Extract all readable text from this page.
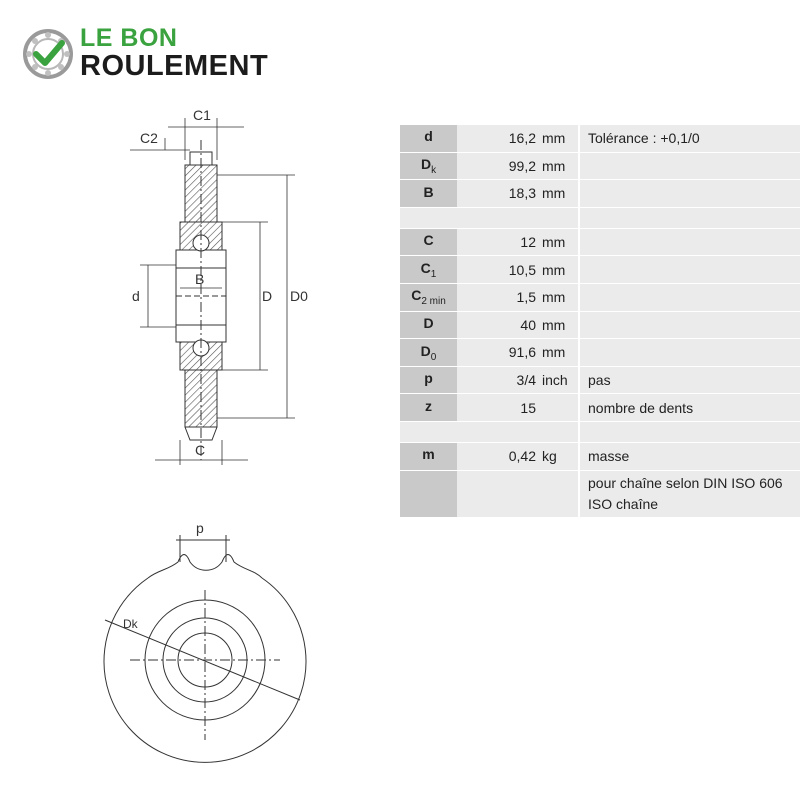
LE BON
ROULEMENT
C1
C2
d
B
D D0
C
p
Dk
d	16,2 mm	Tolérance : +0,1/0
$D_k$	99,2 mm	
B	18,3 mm	

C	12 mm	
$C_1$	10,5 mm	
$C_{2 min}$	1,5 mm	
D	40 mm	
$D_0$	91,6 mm	
p	3/4 inch	pas
z	15	nombre de dents

m	0,42 kg	masse

		pour chaîne selon DIN ISO 606
ISO chaîne
